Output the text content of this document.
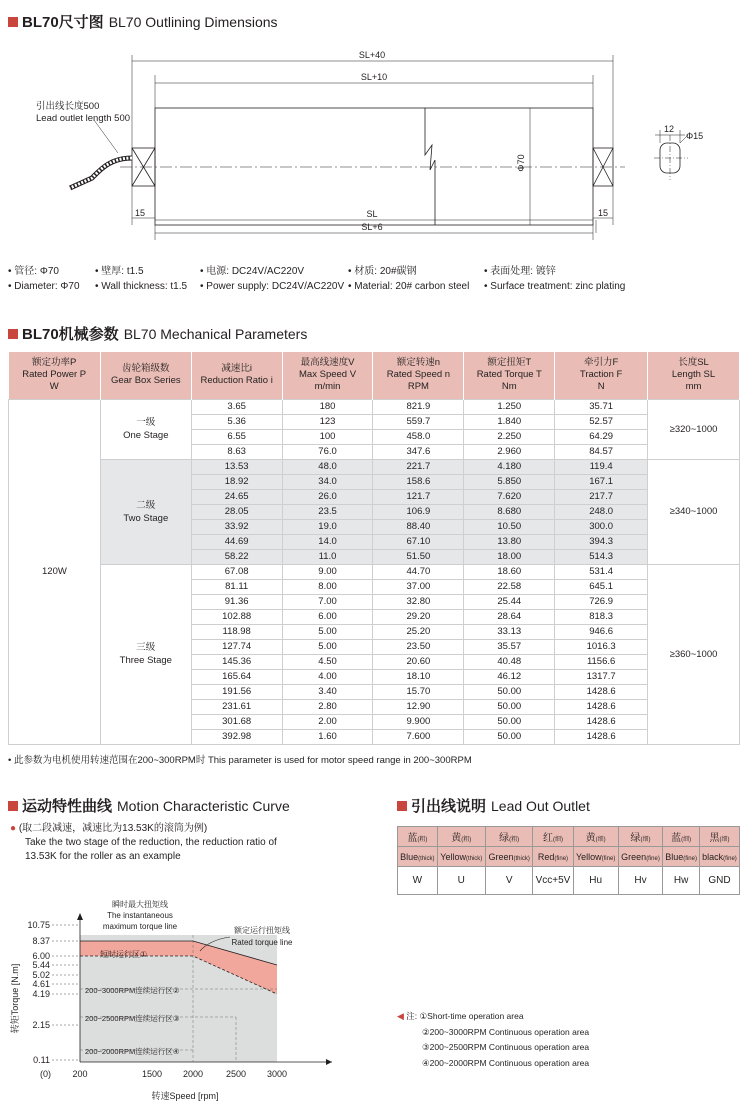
BL70尺寸图 BL70 Outlining Dimensions
SL+40
SL+10
SL
SL+6
15	15
Φ70
12
Φ15
引出线长度500
Lead outlet length 500
• 管径: Φ70
• Diameter: Φ70
• 壁厚: t1.5
• Wall thickness: t1.5
• 电源: DC24V/AC220V
• Power supply: DC24V/AC220V
• 材质: 20#碳钢
• Material: 20# carbon steel
• 表面处理: 镀锌
• Surface treatment: zinc plating
BL70机械参数 BL70 Mechanical Parameters
额定功率P
Rated Power P
W	齿轮箱级数
Gear Box Series	减速比i
Reduction Ratio i	最高线速度V
Max Speed V
m/min	额定转速n
Rated Speed n
RPM	额定扭矩T
Rated Torque T
Nm	牵引力F
Traction F
N	长度SL
Length SL
mm
120W	一级
One Stage	3.65	180	821.9	1.250	35.71	≥320~1000
		5.36	123	559.7	1.840	52.57	
		6.55	100	458.0	2.250	64.29	
		8.63	76.0	347.6	2.960	84.57	
	二级
Two Stage	13.53	48.0	221.7	4.180	119.4	≥340~1000
		18.92	34.0	158.6	5.850	167.1	
		24.65	26.0	121.7	7.620	217.7	
		28.05	23.5	106.9	8.680	248.0	
		33.92	19.0	88.40	10.50	300.0	
		44.69	14.0	67.10	13.80	394.3	
		58.22	11.0	51.50	18.00	514.3	
	三级
Three Stage	67.08	9.00	44.70	18.60	531.4	≥360~1000
		81.11	8.00	37.00	22.58	645.1	
		91.36	7.00	32.80	25.44	726.9	
		102.88	6.00	29.20	28.64	818.3	
		118.98	5.00	25.20	33.13	946.6	
		127.74	5.00	23.50	35.57	1016.3	
		145.36	4.50	20.60	40.48	1156.6	
		165.64	4.00	18.10	46.12	1317.7	
		191.56	3.40	15.70	50.00	1428.6	
		231.61	2.80	12.90	50.00	1428.6	
		301.68	2.00	9.900	50.00	1428.6	
		392.98	1.60	7.600	50.00	1428.6	
• 此参数为电机使用转速范围在200~300RPM时 This parameter is used for motor speed range in 200~300RPM
运动特性曲线 Motion Characteristic Curve
● (取二段减速，减速比为13.53K的滚筒为例)
Take the two stage of the reduction, the reduction ratio of
13.53K for the roller as an example
10.75
8.37
6.00
5.44
5.02
4.61
4.19
2.15
0.11
200	1500 2000	2500 3000
(0)
短时运行区①
200~3000RPM连续运行区②
200~2500RPM连续运行区③
200~2000RPM连续运行区④
瞬时最大扭矩线
The instantaneous
maximum torque line	额定运行扭矩线
Rated torque line
转速Speed [rpm]
转矩Torque [N.m]
引出线说明 Lead Out Outlet
蓝(粗)	黄(粗)	绿(粗)	红(细)	黄(细)	绿(细)	蓝(细)	黑(细)
Blue(thick)	Yellow(thick)	Green(thick)	Red(fine)	Yellow(fine)	Green(fine)	Blue(fine)	black(fine)
W	U	V	Vcc+5V	Hu	Hv	Hw	GND
◀ 注: ①Short-time operation area
②200~3000RPM Continuous operation area
③200~2500RPM Continuous operation area
④200~2000RPM Continuous operation area
